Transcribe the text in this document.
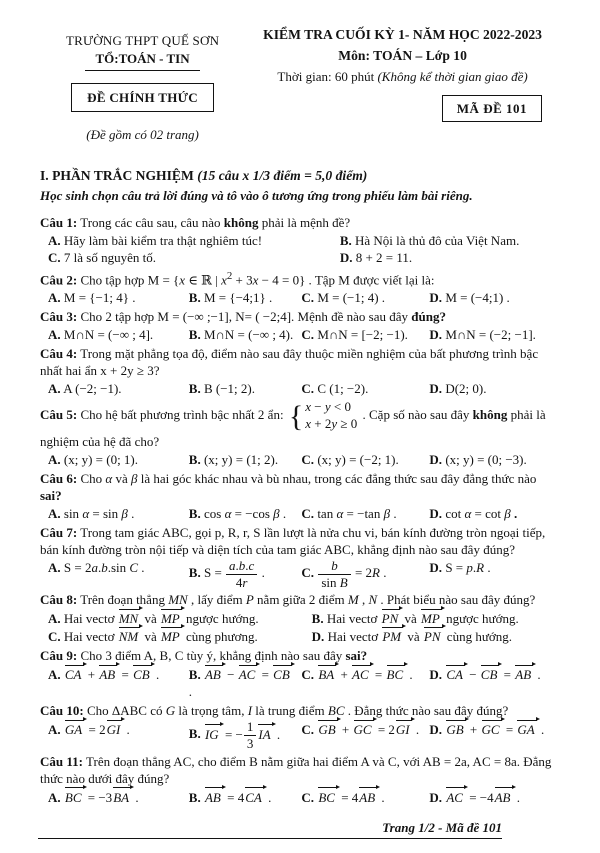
TRƯỜNG THPT QUẾ SƠN
TỔ:TOÁN - TIN
ĐỀ CHÍNH THỨC
(Đề gồm có 02 trang)
KIỂM TRA CUỐI KỲ 1- NĂM HỌC 2022-2023
Môn: TOÁN – Lớp 10
Thời gian: 60 phút (Không kể thời gian giao đề)
MÃ ĐỀ 101
I. PHẦN TRẮC NGHIỆM (15 câu x 1/3 điểm = 5,0 điểm)
Học sinh chọn câu trả lời đúng và tô vào ô tương ứng trong phiếu làm bài riêng.
Câu 1: Trong các câu sau, câu nào không phải là mệnh đề?
A. Hãy làm bài kiểm tra thật nghiêm túc!	B. Hà Nội là thủ đô của Việt Nam.
C. 7 là số nguyên tố.	D. 8 + 2 = 11.
Câu 2: Cho tập hợp M = {x ∈ ℝ | $x^2 + 3x - 4 = 0$} . Tập M được viết lại là:
A. M = {−1; 4} .	B. M = {−4;1} .	C. M = (−1; 4) .	D. M = (−4;1) .
Câu 3: Cho 2 tập hợp M = (−∞ ;−1], N= ( −2;4]. Mệnh đề nào sau đây đúng?
A. M∩N = (−∞ ; 4].	B. M∩N = (−∞ ; 4). C. M∩N = [−2; −1).	D. M∩N = (−2; −1].
Câu 4: Trong mặt phẳng tọa độ, điểm nào sau đây thuộc miền nghiệm của bất phương trình bậc nhất hai ẩn x + 2y ≥ 3?
A. A (−2; −1).	B. B (−1; 2).	C. C (1; −2).	D. D(2; 0).
Câu 5: Cho hệ bất phương trình bậc nhất 2 ẩn: { x − y < 0
x + 2y ≥ 0
. Cặp số nào sau đây không phải là nghiệm của hệ đã cho?
A. (x; y) = (0; 1).	B. (x; y) = (1; 2).	C. (x; y) = (−2; 1).	D. (x; y) = (0; −3).
Câu 6: Cho α và β là hai góc khác nhau và bù nhau, trong các đẳng thức sau đây đẳng thức nào sai?
A. sin α = sin β .	B. cos α = −cos β .	C. tan α = −tan β .	D. cot α = cot β .
Câu 7: Trong tam giác ABC, gọi p, R, r, S lần lượt là nửa chu vi, bán kính đường tròn ngoại tiếp, bán kính đường tròn nội tiếp và diện tích của tam giác ABC, khẳng định nào sau đây đúng?
A. S = 2a.b.sin C .	B. $S = \frac{a.b.c}{4r}$ .	C. $\frac{b}{\text{sin B}} = 2R$ .	D. S = p.R .
Câu 8: Trên đoạn thẳng MN , lấy điểm P nằm giữa 2 điểm M , N . Phát biểu nào sau đây đúng?
A. Hai vectơ MN và MP ngược hướng.	B. Hai vectơ PN và MP ngược hướng.
C. Hai vectơ NM và MP cùng phương.	D. Hai vectơ PM và PN cùng hướng.
Câu 9: Cho 3 điểm A, B, C tùy ý, khẳng định nào sau đây sai?
A. CA + AB = CB .	B. AB − AC = CB .
C. BA + AC = BC .	D. CA − CB = AB .
Câu 10: Cho ΔABC có G là trọng tâm, I là trung điểm BC . Đẳng thức nào sau đây đúng?
A. GA = 2GI .	B. IG = − $\frac{1}{3}$ IA .	C. GB + GC = 2GI . D. GB + GC = GA .
Câu 11: Trên đoạn thẳng AC, cho điểm B nằm giữa hai điểm A và C, với AB = 2a, AC = 8a. Đẳng thức nào dưới đây đúng?
A. BC = −3BA .	B. AB = 4CA .	C. BC = 4AB .	D. AC = −4AB .
Trang 1/2 - Mã đề 101
